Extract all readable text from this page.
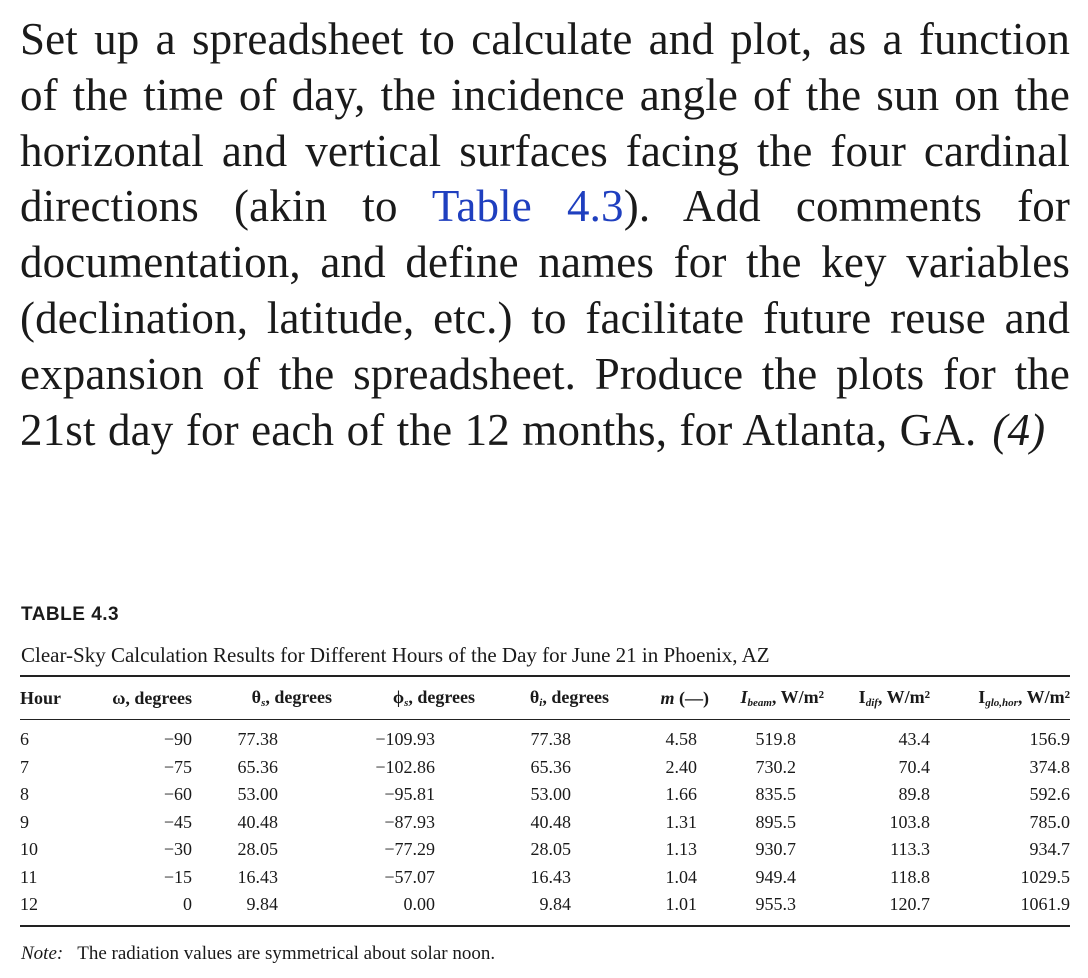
Set up a spreadsheet to calculate and plot, as a function of the time of day, the incidence angle of the sun on the horizontal and vertical surfaces facing the four cardinal directions (akin to Table 4.3). Add comments for documentation, and define names for the key variables (declination, latitude, etc.) to facilitate future reuse and expansion of the spreadsheet. Produce the plots for the 21st day for each of the 12 months, for Atlanta, GA. (4)
TABLE 4.3
Clear-Sky Calculation Results for Different Hours of the Day for June 21 in Phoenix, AZ
Hour	ω, degrees	$\theta_s$, degrees	$\phi_s$, degrees	$\theta_i$, degrees	m (—)	$I_{beam}$, W/m²	$I_{dif}$, W/m²	$I_{glo,hor}$, W/m²
6	−90	77.38	−109.93	77.38	4.58	519.8	43.4	156.9
7	−75	65.36	−102.86	65.36	2.40	730.2	70.4	374.8
8	−60	53.00	−95.81	53.00	1.66	835.5	89.8	592.6
9	−45	40.48	−87.93	40.48	1.31	895.5	103.8	785.0
10	−30	28.05	−77.29	28.05	1.13	930.7	113.3	934.7
11	−15	16.43	−57.07	16.43	1.04	949.4	118.8	1029.5
12	0	9.84	0.00	9.84	1.01	955.3	120.7	1061.9
Note: The radiation values are symmetrical about solar noon.
